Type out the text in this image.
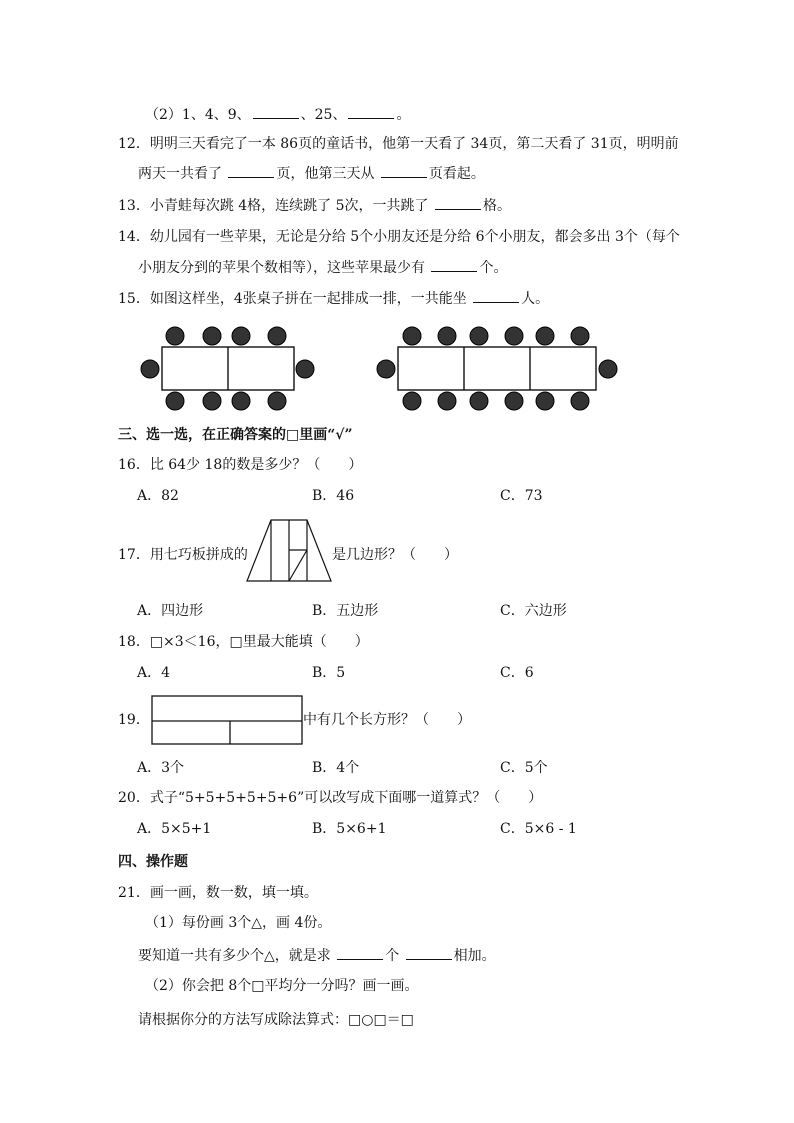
（2）1、4、9、	、25、	。
12．明明三天看完了一本 86页的童话书，他第一天看了 34页，第二天看了 31页，明明前
两天一共看了	页，他第三天从	页看起。
13．小青蛙每次跳 4格，连续跳了 5次，一共跳了	格。
14．幼儿园有一些苹果，无论是分给 5个小朋友还是分给 6个小朋友，都会多出 3个（每个
小朋友分到的苹果个数相等），这些苹果最少有	个。
15．如图这样坐，4张桌子拼在一起排成一排，一共能坐	人。
三、选一选，在正确答案的□里画“√”
16．比 64少 18的数是多少？（　　）
A．82	B．46	C．73
17．用七巧板拼成的	是几边形？（　　）
A．四边形	B．五边形	C．六边形
18．□×3＜16，□里最大能填（　　）
A．4	B．5	C．6
19．	中有几个长方形？（　　）
A．3个	B．4个	C．5个
20．式子“5+5+5+5+5+6”可以改写成下面哪一道算式？（　　）
A．5×5+1	B．5×6+1	C．5×6 - 1
四、操作题
21．画一画，数一数，填一填。
（1）每份画 3个△，画 4份。
要知道一共有多少个△，就是求	个	相加。
（2）你会把 8个□平均分一分吗？画一画。
请根据你分的方法写成除法算式：□○□＝□
